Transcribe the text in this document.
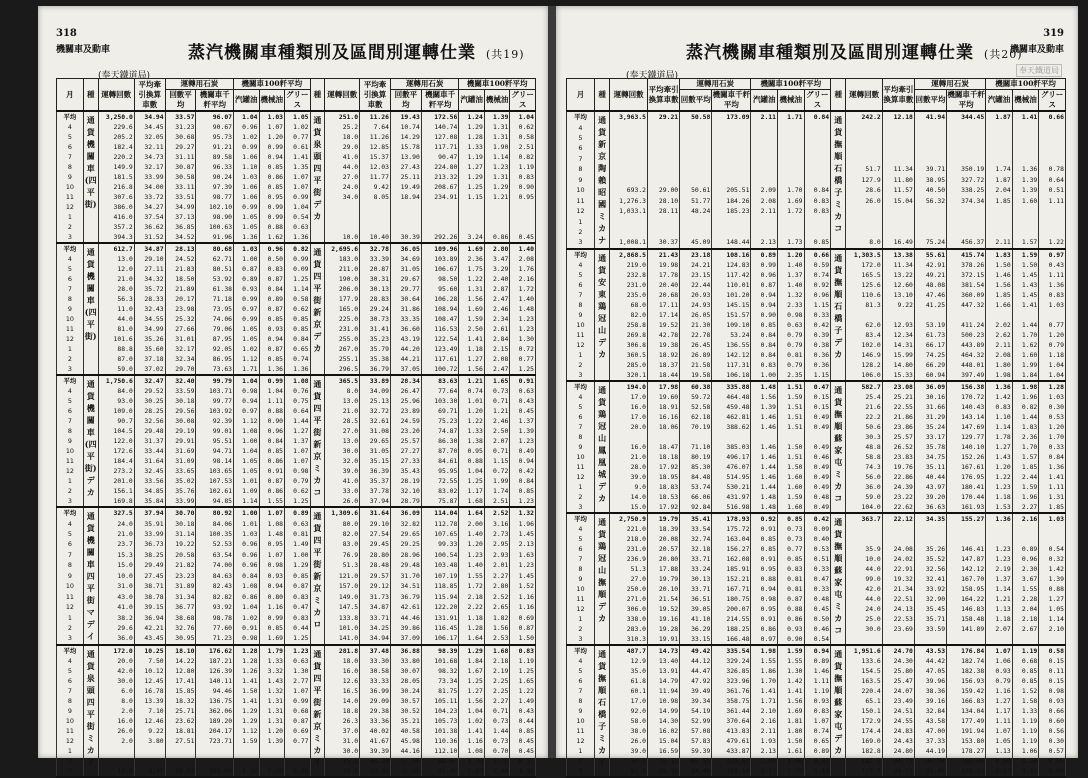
318
機關車及動車	蒸汽機關車種類別及區間別運轉仕業 (共19)
(奉天鐵道局)
月	種	運轉回數	平均牽引換算車數	運轉用石炭		機關車100粁平均			種	運轉回數	平均牽引換算車數	運轉用石炭		機關車100粁平均		
				回數平均	機關車千粁平均	汽罐油	機械油	グリース				回數平均	機關車千粁平均	汽罐油	機械油	グリース
平均	通貨 機關車 (四平街)	3,250.0	34.94	33.57	96.07	1.04	1.03	1.05	通貨 泉頭 四平街 デカ	251.0	11.26	19.43	172.56	1.24	1.39	1.04
4		229.6	34.45	31.23	90.67	0.96	1.07	1.02		25.2	7.64	10.74	140.74	1.29	1.31	0.62
5		205.2	32.05	30.68	95.73	1.02	1.20	0.77		18.0	11.26	14.29	127.08	1.28	1.31	0.58
6		182.4	32.11	29.27	91.21	0.99	0.99	0.61		29.0	12.85	15.78	117.71	1.33	1.90	2.51
7		220.2	34.73	31.11	89.58	1.06	0.94	1.41		41.0	15.37	13.90	90.47	1.19	1.14	0.82
8		149.9	32.17	30.87	96.33	1.10	0.85	1.35		44.0	12.03	27.43	224.80	1.27	1.23	1.19
9		181.5	33.99	30.58	90.24	1.03	0.86	1.07		27.0	11.77	25.11	213.32	1.29	1.31	0.83
10		216.8	34.00	33.11	97.39	1.06	0.85	1.07		24.0	9.42	19.49	208.67	1.25	1.29	0.90
11		307.6	33.72	33.51	98.77	1.06	0.95	0.99		34.0	8.05	18.94	234.91	1.15	1.21	0.95
12		386.0	34.27	34.99	102.10	0.99	0.99	1.04								
1		416.0	37.54	37.13	98.90	1.05	0.99	0.54								
2		357.2	36.62	36.85	100.63	1.05	0.88	0.63								
3		394.3	31.52	34.52	91.96	1.36	1.62	1.36		10.0	10.40	30.39	292.26	3.24	0.86	0.45
平均	通貨 機關車 (四平街)	612.7	34.87	28.13	80.68	1.03	0.96	0.82	通貨 四平街 新京 デカ	2,695.6	32.78	36.05	109.96	1.69	2.80	1.40
4		13.0	29.10	24.52	62.71	1.00	0.50	0.99		183.0	33.39	34.69	103.89	2.36	3.47	2.08
5		12.0	27.11	21.83	80.51	0.87	0.83	0.09		211.0	20.87	31.05	106.67	1.75	3.29	1.76
6		21.0	34.32	18.50	53.92	0.89	0.87	1.25		190.0	30.31	29.67	98.50	1.22	2.40	2.16
7		28.0	35.72	21.89	61.38	0.93	0.84	1.14		206.0	30.13	29.77	95.60	1.31	2.87	1.72
8		56.3	28.33	20.17	71.18	0.99	0.89	0.58		177.9	28.83	30.64	106.28	1.56	2.47	1.40
9		11.0	32.43	23.98	73.95	0.97	0.87	0.62		165.0	29.24	31.86	108.94	1.69	2.46	1.48
10		44.0	34.55	25.32	74.06	0.99	0.85	0.85		225.0	30.73	33.35	108.47	1.59	2.34	1.23
11		81.0	34.99	27.66	79.06	1.05	0.93	0.85		231.0	31.41	36.60	116.53	2.50	2.61	1.23
12		101.6	35.26	31.01	87.95	1.05	0.94	0.84		255.0	35.23	43.19	122.54	1.41	2.84	1.30
1		88.8	35.60	32.17	92.05	1.02	0.87	0.65		267.0	35.79	44.20	123.49	1.18	2.15	0.72
2		87.0	37.18	32.34	86.95	1.12	0.85	0.74		255.1	35.38	44.21	117.61	1.27	2.08	0.77
3		59.0	37.02	29.70	73.63	1.71	1.36	1.36		296.5	36.79	37.05	100.72	1.56	2.47	1.25
平均	通貨 機關車 (四平街) デカ	1,750.6	32.47	32.40	99.79	1.04	0.99	1.08	通貨 四平街 新京 ミカコ	365.5	33.89	28.34	83.63	1.21	1.65	0.91
4		84.0	29.52	33.59	103.71	0.98	1.04	0.76		8.0	34.09	26.47	77.64	0.74	0.73	0.63
5		93.0	30.25	30.18	99.77	0.94	1.11	0.75		13.0	25.13	25.96	103.30	1.01	0.71	0.43
6		109.0	28.25	29.56	103.92	0.97	0.88	0.64		21.0	32.72	23.89	69.71	1.20	1.21	0.45
7		90.7	32.56	30.08	92.39	1.12	0.90	1.44		28.5	32.61	24.59	75.23	1.22	2.46	1.37
8		104.5	29.48	29.19	99.01	1.08	0.96	1.27		27.0	31.08	23.20	74.87	1.33	2.50	1.39
9		122.0	31.37	29.91	95.51	1.00	0.84	1.37		13.0	29.65	25.57	86.30	1.38	2.07	1.23
10		172.6	33.44	31.69	94.71	1.04	0.85	1.07		30.0	31.05	27.27	87.70	0.95	0.71	0.49
11		184.4	31.64	31.09	98.14	1.05	0.86	1.07		32.0	35.15	27.33	84.61	0.88	1.15	0.94
12		273.2	32.45	33.65	103.65	1.05	0.91	0.98		39.0	36.39	35.43	95.95	1.04	0.72	0.42
1		201.0	33.56	35.02	107.53	1.01	0.87	0.79		41.0	35.37	28.19	72.55	1.25	1.99	0.84
2		156.1	34.85	35.76	102.61	1.09	0.86	0.62		33.0	37.78	32.10	83.02	1.17	1.74	0.85
3		169.8	35.84	33.99	94.85	1.14	1.55	1.25		26.0	37.94	28.79	75.87	1.68	2.51	1.23
平均	通貨 機關車 四平街 マデイ	327.5	37.94	30.70	80.92	1.00	1.07	0.89	通貨 四平街 新京 ミカロ	1,309.6	31.64	36.09	114.04	1.64	2.52	1.32
4		24.0	35.91	30.18	84.06	1.01	1.08	0.63		80.0	29.10	32.82	112.78	2.00	3.16	1.96
5		21.0	33.99	31.14	100.35	1.03	1.48	0.81		82.0	27.54	29.65	107.65	1.40	2.73	1.45
6		23.7	36.73	19.22	52.53	0.96	0.95	1.49		83.0	29.45	29.25	99.33	1.20	2.95	2.13
7		15.3	38.25	20.58	63.54	0.96	1.07	1.00		76.9	28.80	28.96	100.54	1.23	2.93	1.63
8		15.0	29.49	21.82	74.00	0.96	0.98	1.29		51.3	28.48	29.48	103.48	1.40	2.01	1.23
9		10.0	27.45	23.23	84.63	0.84	0.93	0.85		121.0	29.57	31.70	107.19	1.55	2.27	1.45
10		31.0	38.71	31.89	82.43	1.08	0.94	0.87		157.0	29.12	34.51	118.85	1.72	2.80	1.52
11		43.0	38.78	31.34	82.82	0.86	0.80	0.83		149.0	31.73	36.79	115.94	2.18	2.52	1.16
12		41.0	39.15	36.77	93.92	1.04	1.16	0.47		147.5	34.87	42.61	122.20	2.22	2.65	1.16
1		38.2	36.94	38.68	98.78	1.02	0.99	0.83		133.8	33.71	44.46	131.91	1.18	1.82	0.69
2		29.6	42.21	32.76	77.60	0.91	0.85	0.44		101.0	34.25	39.86	116.45	1.28	1.56	0.87
3		36.0	43.45	30.95	71.23	0.98	1.69	1.25		141.0	34.94	37.09	106.17	1.64	2.53	1.50
平均	通貨 泉頭 四平街 ミカイ	172.0	10.25	18.10	176.62	1.28	1.79	1.23	通貨 四平街 新京 ミカイ	281.8	37.48	36.88	98.39	1.29	1.68	0.83
4		20.0	7.50	14.22	187.21	1.28	1.33	0.63		18.0	33.30	33.80	101.68	1.84	2.18	1.19
5		42.0	10.12	12.80	126.39	1.26	3.32	1.30		16.0	30.58	30.07	98.32	1.67	2.19	1.25
6		30.0	12.45	17.41	140.11	1.41	1.43	2.77		12.6	33.33	28.05	73.34	1.25	2.25	1.65
7		6.0	16.78	15.85	94.46	1.50	1.32	1.07		16.5	36.99	30.24	81.75	1.27	2.25	1.22
8		8.0	13.39	18.32	136.75	1.41	1.31	0.99		14.0	29.09	30.57	105.11	1.56	2.27	1.49
9		2.0	7.10	25.71	362.06	1.29	1.31	0.68		18.8	29.38	30.52	104.23	1.04	0.71	0.43
10		16.0	12.46	23.62	189.20	1.29	1.31	0.87		26.3	33.36	35.21	105.73	1.02	0.73	0.44
11		26.0	9.22	18.81	204.17	1.12	1.20	0.69		37.0	40.02	40.58	101.38	1.41	1.44	0.85
12		2.0	3.80	27.51	723.71	1.59	1.39	0.77		31.0	41.67	45.98	110.36	1.16	0.73	0.45
1										30.0	39.39	44.16	112.10	1.08	0.70	0.45
2										25.2	44.29	37.66	88.47	1.20	1.73	0.77
3		12.0	9.41	36.63	389.09	1.18	1.20	0.59		28.0	43.02	35.05	81.49	1.07	2.44	1.16
319
機關車及動車
蒸汽機關車種類別及區間別運轉仕業 (共20)
(奉天鐵道局)
奉天鐵道局
月	種	運轉回數	平均牽引換算車數	運轉用石炭		機關車100粁平均			種	運轉回數	平均牽引換算車數	運轉用石炭		機關車100粁平均		
				回數平均	機關車千粁平均	汽罐油	機械油	グリース				回數平均	機關車千粁平均	汽罐油	機械油	グリース
平均	通貨 新京 陶賴昭 國ミカナ	3,963.5	29.21	50.58	173.09	2.11	1.71	0.84	通貨 撫順 石橋子 ミカコ	242.2	12.18	41.94	344.45	1.87	1.41	0.66
4																
5																
6																
7																
8										51.7	11.34	39.71	350.19	1.74	1.36	0.78
9										127.9	11.80	38.95	327.72	1.87	1.39	0.64
10		693.2	29.00	50.61	205.51	2.09	1.70	0.84		28.6	11.57	40.50	338.25	2.04	1.39	0.51
11		1,276.3	28.10	51.77	184.26	2.08	1.69	0.83		26.0	15.04	56.32	374.34	1.85	1.60	1.11
12		1,033.1	28.11	48.24	185.23	2.11	1.72	0.83								
1																
2																
3		1,008.1	30.37	45.09	148.44	2.13	1.73	0.85		8.0	16.49	75.24	456.37	2.11	1.57	1.22
平均	通貨 安東 鶏冠山 デカ	2,868.5	21.43	23.18	108.16	0.89	1.20	0.66	通貨 撫順 石橋子 デカ	1,303.5	13.38	55.61	415.74	1.83	1.59	0.97
4		219.0	19.98	24.21	124.83	0.99	1.40	0.59		172.0	11.34	42.91	378.26	1.50	1.50	0.43
5		232.8	17.78	23.15	117.42	0.96	1.37	0.74		165.5	13.22	49.21	372.15	1.46	1.45	1.11
6		231.0	20.40	22.44	110.01	0.87	1.40	0.92		125.6	12.60	48.08	381.54	1.56	1.43	1.36
7		235.0	20.68	20.93	101.20	0.94	1.32	0.96		110.6	13.10	47.46	360.09	1.85	1.45	0.83
8		68.0	17.11	24.93	145.15	0.94	2.33	1.15		81.3	9.22	41.25	447.32	1.66	1.41	1.03
9		82.0	17.14	26.05	151.57	0.90	0.98	0.33								
10		258.8	19.52	21.30	109.10	0.85	0.63	0.42		62.0	12.93	53.19	411.24	2.02	1.44	0.77
11		269.8	42.78	22.78	53.24	0.84	0.79	0.39		83.4	12.34	61.73	500.23	2.62	1.70	1.20
12		306.8	19.38	26.45	136.55	0.84	0.79	0.38		102.0	14.31	66.17	443.89	2.11	1.62	0.79
1		360.5	18.92	26.89	142.12	0.84	0.81	0.36		146.9	15.99	74.25	464.32	2.08	1.60	1.18
2		285.0	18.37	21.58	117.31	0.83	0.79	0.36		128.2	14.80	66.29	448.01	1.80	1.99	1.04
3		320.1	18.44	19.58	106.18	1.00	2.35	1.15		106.0	15.33	60.94	397.49	1.98	1.84	1.04
平均	通貨 鶏冠山 鳳凰城 デカ	194.0	17.98	60.38	335.88	1.48	1.51	0.47	通貨 撫順 蘇家屯 ミカコ	582.7	23.08	36.09	156.38	1.36	1.98	1.28
4		17.0	19.60	59.72	464.48	1.56	1.59	0.15		25.4	25.21	30.16	170.72	1.42	1.96	1.03
5		16.0	18.91	52.58	459.48	1.39	1.51	0.15		21.6	22.55	31.66	140.43	0.83	0.82	0.30
6		17.0	16.16	62.18	462.81	1.46	1.51	0.49		22.2	21.86	31.29	143.14	1.10	1.44	0.53
7		20.0	18.06	70.19	388.62	1.46	1.51	0.49		50.6	23.86	35.24	147.69	1.14	1.83	1.20
8										30.3	25.57	33.17	129.77	1.78	2.36	1.70
9		16.0	18.47	71.10	385.03	1.46	1.50	0.49		48.8	26.52	35.78	140.10	1.27	1.70	0.33
10		21.0	18.18	80.19	496.17	1.46	1.51	0.46		58.8	23.83	34.75	152.26	1.43	1.57	0.84
11		28.0	17.92	85.30	476.07	1.44	1.50	0.49		74.3	19.76	35.11	167.61	1.20	1.85	1.36
12		39.0	18.95	84.48	514.95	1.46	1.60	0.49		56.0	22.86	40.44	176.95	1.22	2.44	1.41
1		9.0	18.83	53.74	530.21	1.44	1.60	0.49		36.0	24.39	43.97	180.41	1.23	1.59	1.11
2		14.0	18.53	66.06	431.97	1.48	1.59	0.48		59.0	23.22	39.20	170.44	1.18	1.96	1.31
3		15.0	17.92	92.84	516.98	1.48	1.60	0.49		104.0	22.62	36.63	161.93	1.53	2.27	1.85
平均	通貨 鶏冠山 撫順 デカ	2,750.9	19.79	35.41	178.93	0.92	0.85	0.42	通貨 撫順 蘇家屯 ミカコ	363.7	22.12	34.35	155.27	1.36	2.16	1.03
4		221.0	18.39	33.54	175.72	0.91	0.73	0.09								
5		218.0	20.08	32.74	163.04	0.85	0.73	0.40								
6		231.0	20.57	32.18	156.27	0.85	0.77	0.53		35.9	24.08	35.26	146.41	1.23	0.89	0.54
7		236.9	20.80	33.71	162.08	0.91	0.85	0.51		10.0	24.02	35.52	147.87	1.23	0.96	0.32
8		51.3	17.88	33.24	185.91	0.95	0.83	0.33		44.0	22.91	32.56	142.12	2.19	2.30	1.42
9		27.0	19.79	30.13	152.21	0.88	0.81	0.47		99.0	19.32	32.41	167.70	1.37	3.67	1.39
10		250.0	20.10	33.71	167.71	0.94	0.81	0.33		42.0	21.34	33.92	158.95	1.14	1.55	0.88
11		271.0	21.54	36.51	180.75	0.98	0.87	0.48		44.0	22.51	32.90	164.22	1.21	2.28	1.27
12		306.0	19.52	39.05	200.07	0.95	0.88	0.45		24.0	24.13	35.45	146.83	1.13	2.04	1.05
1		338.0	19.16	41.10	214.55	0.91	0.86	0.50		25.0	22.53	35.71	158.48	1.18	2.18	1.14
2		283.0	19.28	36.29	188.25	0.86	0.93	0.46		30.0	23.69	33.59	141.89	2.07	2.67	2.10
3		310.3	19.91	33.15	166.48	0.97	0.90	0.54								
平均	通貨 撫順 石橋子 ミカイ	487.7	14.73	49.42	335.54	1.98	1.59	0.94	通貨 撫順 蘇家屯 デカ	1,951.6	24.70	43.53	176.84	1.07	1.19	0.58
4		12.9	13.40	44.12	329.24	1.55	1.55	0.89		133.6	24.30	44.42	182.74	1.06	0.68	0.15
5		35.0	13.91	44.47	326.85	1.86	1.30	1.46		154.5	25.80	47.05	182.38	0.93	0.85	0.11
6		61.8	14.79	47.92	323.96	1.70	1.42	1.11		163.5	25.47	39.96	156.93	0.79	0.85	0.15
7		60.1	11.94	39.49	361.76	1.41	1.41	1.19		220.4	24.07	38.36	159.42	1.16	1.52	0.98
8		17.0	10.98	39.34	358.75	1.71	1.56	0.93		65.1	23.49	39.16	166.83	1.27	1.58	0.93
9		92.0	14.99	54.19	361.44	2.10	1.69	0.83		150.1	24.51	32.84	134.04	1.17	1.33	0.66
10		58.0	14.30	52.99	370.64	2.16	1.81	1.07		172.9	24.55	43.58	177.49	1.11	1.19	0.60
11		38.0	16.02	57.08	413.83	2.11	1.80	0.74		174.4	24.83	47.00	191.94	1.07	1.19	0.56
12		26.0	15.04	57.83	479.61	1.93	1.50	0.65		169.0	24.43	37.33	153.80	1.05	1.19	0.30
1		39.0	16.59	59.39	433.87	2.13	1.61	0.89		182.8	24.80	44.19	178.27	1.13	1.06	0.57
2		34.9	15.13	65.53	433.07	2.01	1.66	0.81		182.0	24.72	46.94	189.86	0.89	1.20	0.55
3		82.2	15.19	24.46	161.14	2.17	1.79	1.10		173.7	24.71	43.49	174.53	0.17	1.15	0.68
